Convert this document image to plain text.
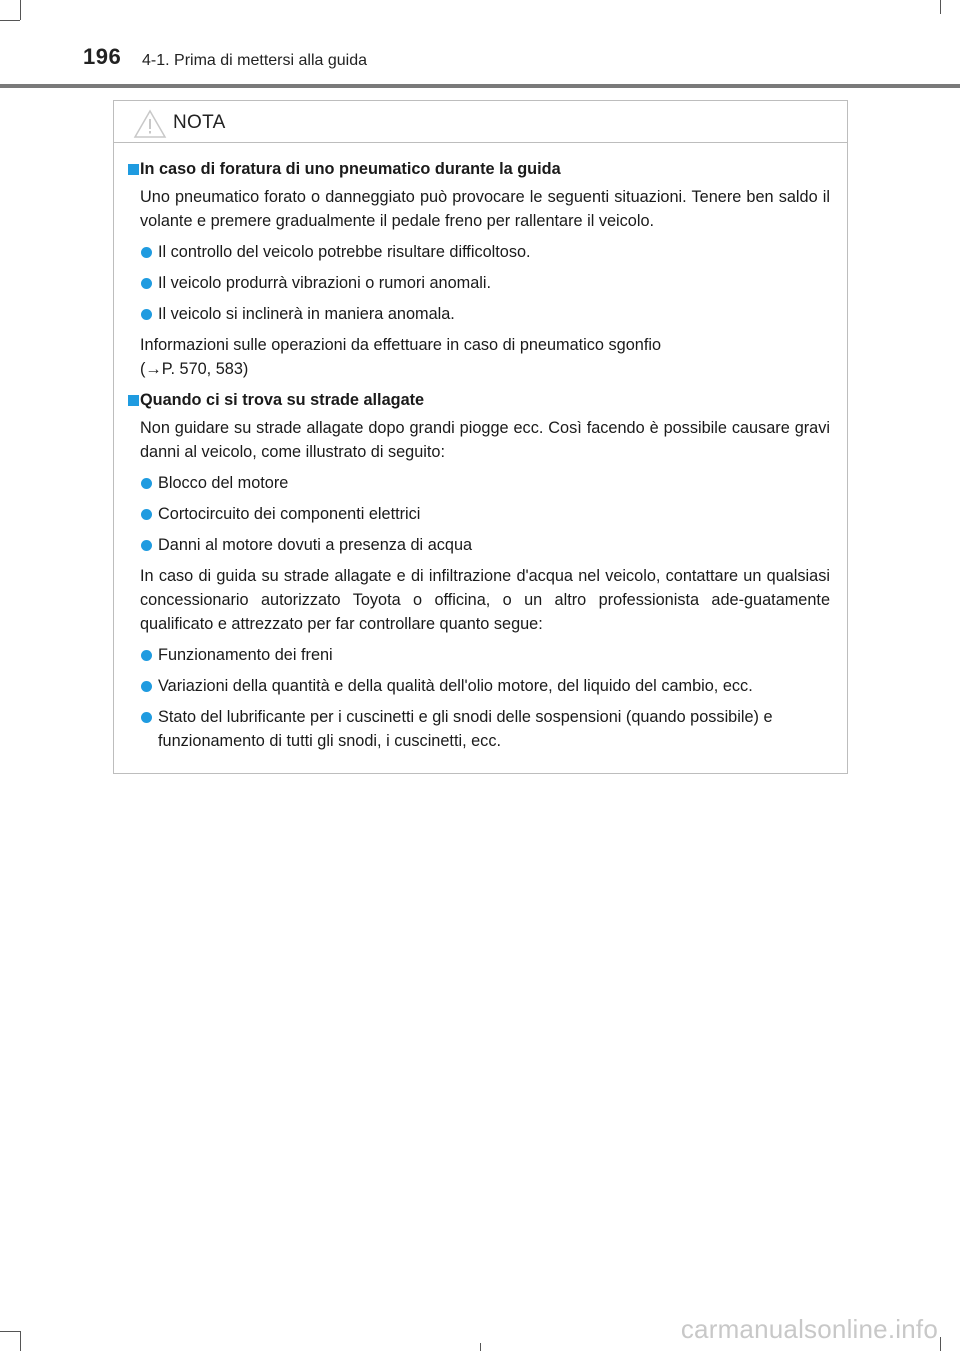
196 4-1. Prima di mettersi alla guida
NOTA
In caso di foratura di uno pneumatico durante la guida
Uno pneumatico forato o danneggiato può provocare le seguenti situazioni. Tenere ben saldo il volante e premere gradualmente il pedale freno per rallentare il veicolo.
Il controllo del veicolo potrebbe risultare difficoltoso.
Il veicolo produrrà vibrazioni o rumori anomali.
Il veicolo si inclinerà in maniera anomala.
Informazioni sulle operazioni da effettuare in caso di pneumatico sgonfio
(→P. 570, 583)
Quando ci si trova su strade allagate
Non guidare su strade allagate dopo grandi piogge ecc. Così facendo è possibile causare gravi danni al veicolo, come illustrato di seguito:
Blocco del motore
Cortocircuito dei componenti elettrici
Danni al motore dovuti a presenza di acqua
In caso di guida su strade allagate e di infiltrazione d'acqua nel veicolo, contattare un qualsiasi concessionario autorizzato Toyota o officina, o un altro professionista ade-guatamente qualificato e attrezzato per far controllare quanto segue:
Funzionamento dei freni
Variazioni della quantità e della qualità dell'olio motore, del liquido del cambio, ecc.
Stato del lubrificante per i cuscinetti e gli snodi delle sospensioni (quando possibile) e funzionamento di tutti gli snodi, i cuscinetti, ecc.
carmanualsonline.info
